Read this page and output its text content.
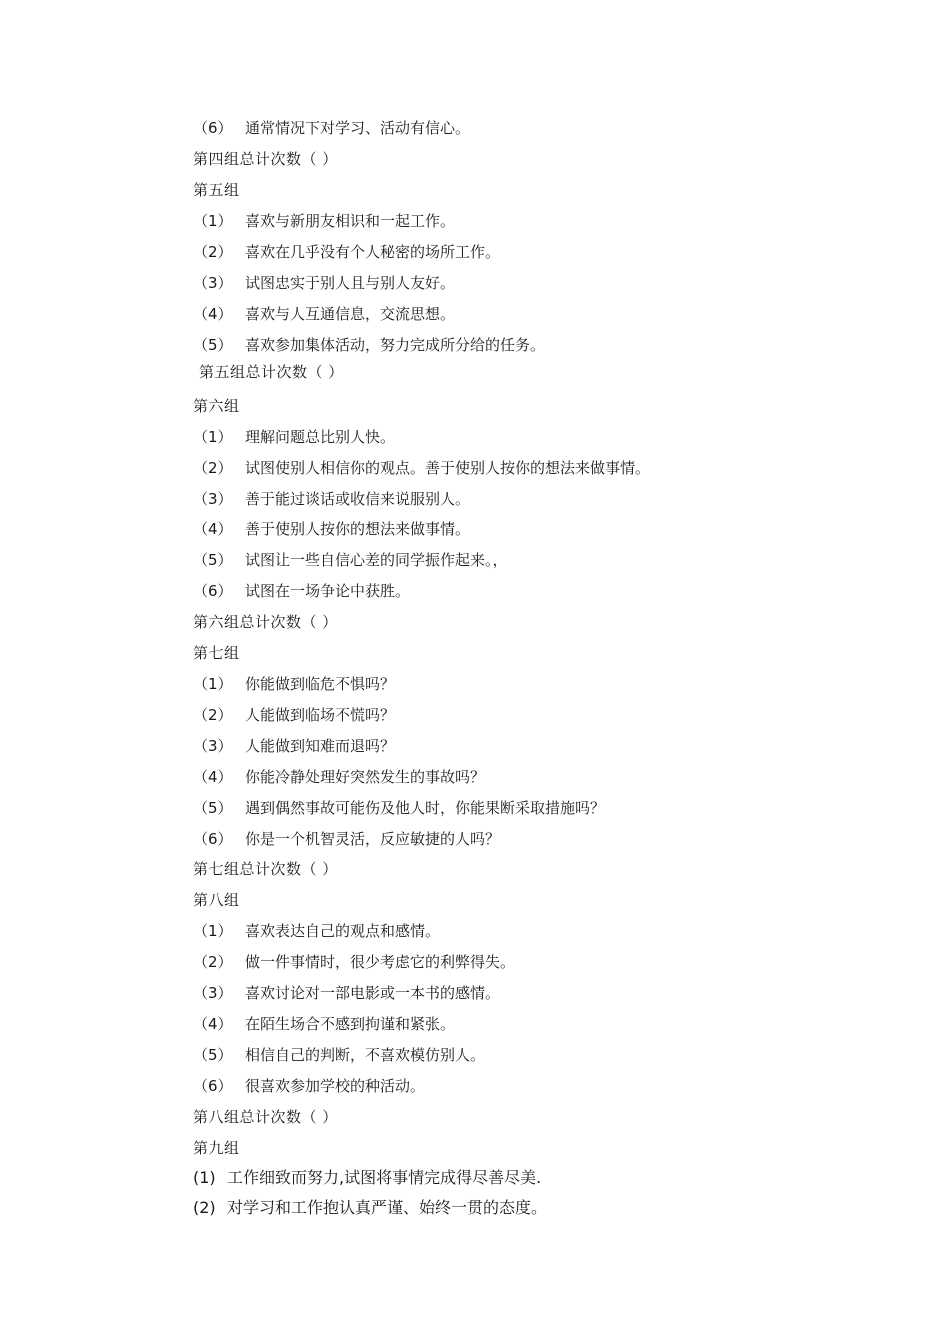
（6） 通常情况下对学习、活动有信心。
第四组总计次数（ ）
第五组
（1） 喜欢与新朋友相识和一起工作。
（2） 喜欢在几乎没有个人秘密的场所工作。
（3） 试图忠实于别人且与别人友好。
（4） 喜欢与人互通信息，交流思想。
（5） 喜欢参加集体活动，努力完成所分给的任务。
第五组总计次数（ ）
第六组
（1） 理解问题总比别人快。
（2） 试图使别人相信你的观点。善于使别人按你的想法来做事情。
（3） 善于能过谈话或收信来说服别人。
（4） 善于使别人按你的想法来做事情。
（5） 试图让一些自信心差的同学振作起来。，
（6） 试图在一场争论中获胜。
第六组总计次数（ ）
第七组
（1） 你能做到临危不惧吗？
（2） 人能做到临场不慌吗？
（3） 人能做到知难而退吗？
（4） 你能冷静处理好突然发生的事故吗？
（5） 遇到偶然事故可能伤及他人时，你能果断采取措施吗？
（6） 你是一个机智灵活，反应敏捷的人吗？
第七组总计次数（ ）
第八组
（1） 喜欢表达自己的观点和感情。
（2） 做一件事情时，很少考虑它的利弊得失。
（3） 喜欢讨论对一部电影或一本书的感情。
（4） 在陌生场合不感到拘谨和紧张。
（5） 相信自己的判断，不喜欢模仿别人。
（6） 很喜欢参加学校的种活动。
第八组总计次数（ ）
第九组
(1) 工作细致而努力,试图将事情完成得尽善尽美.
(2) 对学习和工作抱认真严谨、始终一贯的态度。
